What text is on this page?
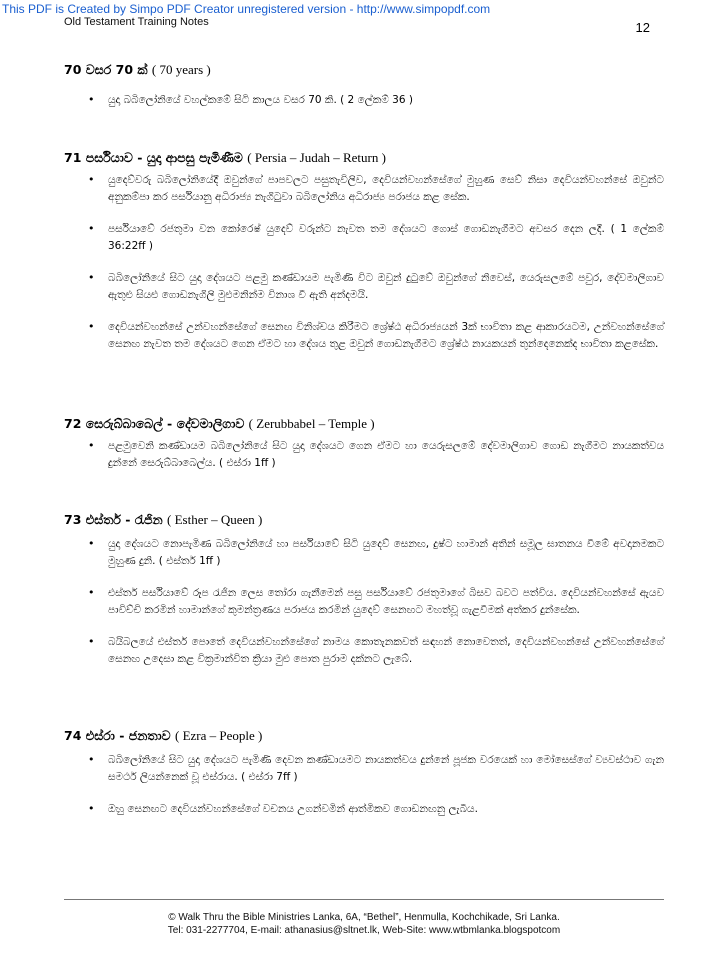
This PDF is Created by Simpo PDF Creator unregistered version - http://www.simpopdf.com
Old Testament Training Notes	12
70 වසර 70 ක් ( 70 years )
•	යුදා බබිලෝනියේ වහල්කමේ සිටි කාලය වසර 70 කි. ( 2 ලේකම් 36 )
71 පර්සියාව - යුදා ආපසු පැමිණීම ( Persia – Judah – Return )
•	යුදෙව්වරු බබිලෝනියේදී ඔවුන්ගේ පාපවලට පසුතැවිලිව, දෙවියන්වහන්සේගේ මුහුණ සෙව් නිසා දෙවියන්වහන්සේ ඔවුන්ට අනුකම්පා කර පර්සියානු අධිරාජ්‍ය නැගිටුවා බබිලෝනිය අධිරාජ්‍ය පරාජය කළ සේක.
•	පර්සියාවේ රජතුමා වන කෝරෙෂ් යුදෙව් වරුන්ට නැවත තම දේශයට ගොස් ගොඩනැගීමට අවසර දෙන ලදී. ( 1 ලේකම් 36:22ff )
•	බබිලෝනියේ සිට යුදා දේශයට පළමු කණ්ඩායම පැමිණි විට ඔවුන් දුටුවේ ඔවුන්ගේ නිවෙස්, යෙරුසලමේ පවුර, දේවමාලිගාව ඇතුළු සියළු ගොඩනැගිලි මුළුමනින්ම විනාශ වී ඇති අන්දමයි.
•	දෙවියන්වහන්සේ උන්වහන්සේගේ සෙනඟ විනිශ්චය කිරීමට ශ්‍රේෂ්ඨ අධිරාජ්‍යයන් 3ක් භාවිතා කළ ආකාරයටම, උන්වහන්සේගේ සෙනඟ නැවත තම දේශයට ගෙන ඒමට හා දේශය තුළ ඔවුන් ගොඩනැගීමට ශ්‍රේෂ්ඨ නායකයන් තුන්දෙනෙක්ද භාවිතා කළසේක.
72 සෙරුබ්බාබෙල් - දේවමාලිගාව ( Zerubbabel – Temple )
•	පළමුවෙනි කණ්ඩායම බබිලෝනියේ සිට යුදා දේශයට ගෙන ඒමට හා යෙරුසලමේ දේවමාලිගාව ගොඩ නැගීමට නායකත්වය දුන්නේ සෙරුබ්බාබෙල්ය. ( එස්රා 1ff )
73 එස්තර් - රැජින ( Esther – Queen )
•	යුදා දේශයට නොපැමිණ බබිලෝනියේ හා පර්සියාවේ සිටි යුදෙව් සෙනඟ, දුෂ්ට හාමාන් අතින් සමූල ඝාතනය වීමේ අවදානමකට මුහුණ දුනි. ( එස්තර් 1ff )
•	එස්තර් පර්සියාවේ රූප රැජින ලෙස තෝරා ගැනීමෙන් පසු පර්සියාවේ රජතුමාගේ බිසව බවට පත්විය. දෙවියන්වහන්සේ ඇයව පාවිච්චි කරමින් හාමාන්ගේ කුමන්ත්‍රණය පරාජය කරමින් යුදෙව් සෙනඟට මහත්වූ ගැළවීමක් අත්කර දුන්සේක.
•	බයිබලයේ එස්තර් පොතේ දෙවියන්වහන්සේගේ නාමය කොතැනකවත් සඳහන් නොවෙතත්, දෙවියන්වහන්සේ උන්වහන්සේගේ සෙනඟ උදෙසා කළ වික්‍රමාන්විත ක්‍රියා මුළු පොත පුරාම දක්නට ලැබේ.
74 එස්රා - ජනතාව ( Ezra – People )
•	බබිලෝනියේ සිට යුදා දේශයට පැමිණි දෙවන කණ්ඩායමට නායකත්වය දුන්නේ පූජක වරයෙක් හා මෝසෙස්ගේ ව්‍යවස්ථාව ගැන සමර්ථ ලියන්නෙක් වූ එස්රාය. ( එස්රා 7ff )
•	ඔහු සෙනඟට දෙවියන්වහන්සේගේ වචනය උගන්වමින් ආත්මිකව ගොඩනඟනු ලැබීය.
© Walk Thru the Bible Ministries Lanka, 6A, “Bethel”, Henmulla, Kochchikade, Sri Lanka.
Tel: 031-2277704, E-mail: athanasius@sltnet.lk, Web-Site: www.wtbmlanka.blogspotcom
